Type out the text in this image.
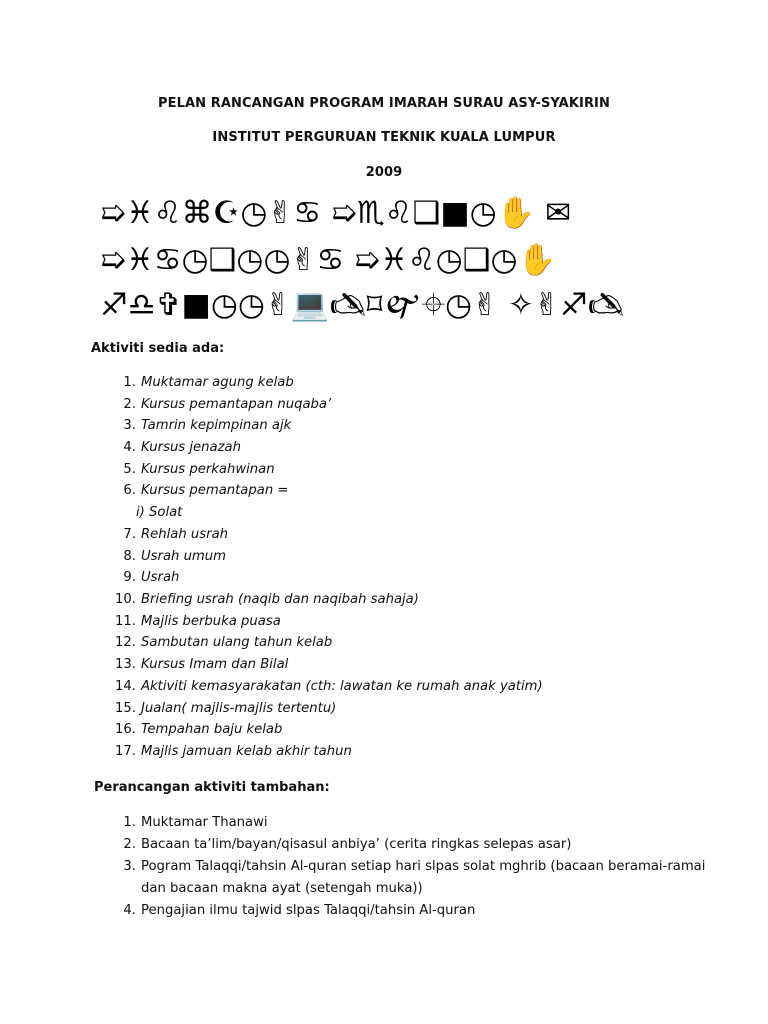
PELAN RANCANGAN PROGRAM IMARAH SURAU ASY-SYAKIRIN
INSTITUT PERGURUAN TEKNIK KUALA LUMPUR
2009
➯♓♌⌘☪◷✌♋ ➯♏♌❑■◷✋ ✉
➯♓♋◷❑◷◷✌♋ ➯♓♌◷❑◷✋
♐♎✞■◷◷✌💻🖎⌑🙰⌖◷✌ ✧✌♐🖎
Aktiviti sedia ada:
1. Muktamar agung kelab
2. Kursus pemantapan nuqaba’
3. Tamrin kepimpinan ajk
4. Kursus jenazah
5. Kursus perkahwinan
6. Kursus pemantapan =
i) Solat
7. Rehlah usrah
8. Usrah umum
9. Usrah
10. Briefing usrah (naqib dan naqibah sahaja)
11. Majlis berbuka puasa
12. Sambutan ulang tahun kelab
13. Kursus Imam dan Bilal
14. Aktiviti kemasyarakatan (cth: lawatan ke rumah anak yatim)
15. Jualan( majlis-majlis tertentu)
16. Tempahan baju kelab
17. Majlis jamuan kelab akhir tahun
Perancangan aktiviti tambahan:
1. Muktamar Thanawi
2. Bacaan ta’lim/bayan/qisasul anbiya’ (cerita ringkas selepas asar)
3. Pogram Talaqqi/tahsin Al-quran setiap hari slpas solat mghrib (bacaan beramai-ramai
dan bacaan makna ayat (setengah muka))
4. Pengajian ilmu tajwid slpas Talaqqi/tahsin Al-quran
